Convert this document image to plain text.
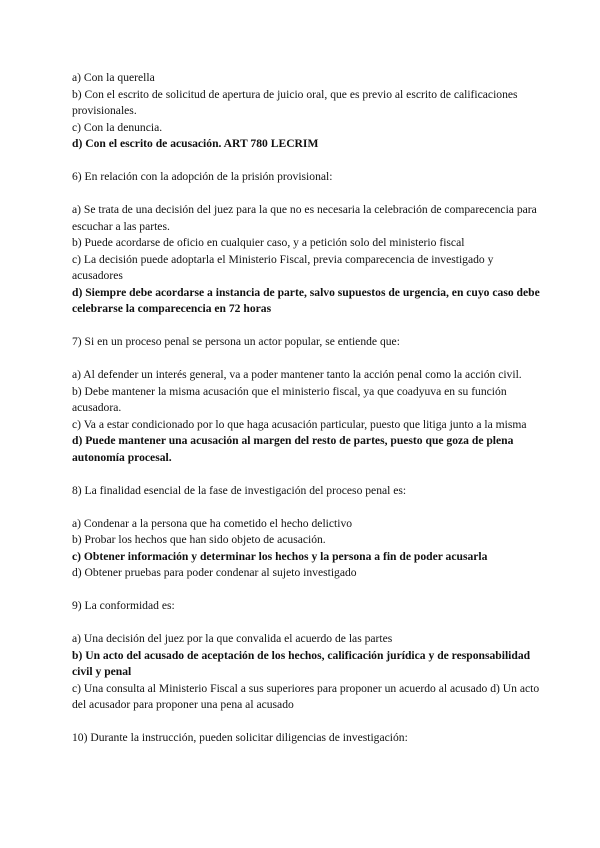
a) Con la querella
b) Con el escrito de solicitud de apertura de juicio oral, que es previo al escrito de calificaciones provisionales.
c) Con la denuncia.
d) Con el escrito de acusación. ART 780 LECRIM
6) En relación con la adopción de la prisión provisional:
a) Se trata de una decisión del juez para la que no es necesaria la celebración de comparecencia para escuchar a las partes.
b) Puede acordarse de oficio en cualquier caso, y a petición solo del ministerio fiscal
c) La decisión puede adoptarla el Ministerio Fiscal, previa comparecencia de investigado y acusadores
d) Siempre debe acordarse a instancia de parte, salvo supuestos de urgencia, en cuyo caso debe celebrarse la comparecencia en 72 horas
7) Si en un proceso penal se persona un actor popular, se entiende que:
a) Al defender un interés general, va a poder mantener tanto la acción penal como la acción civil.
b) Debe mantener la misma acusación que el ministerio fiscal, ya que coadyuva en su función acusadora.
c) Va a estar condicionado por lo que haga acusación particular, puesto que litiga junto a la misma
d) Puede mantener una acusación al margen del resto de partes, puesto que goza de plena autonomía procesal.
8) La finalidad esencial de la fase de investigación del proceso penal es:
a) Condenar a la persona que ha cometido el hecho delictivo
b) Probar los hechos que han sido objeto de acusación.
c) Obtener información y determinar los hechos y la persona a fin de poder acusarla
d) Obtener pruebas para poder condenar al sujeto investigado
9) La conformidad es:
a) Una decisión del juez por la que convalida el acuerdo de las partes
b) Un acto del acusado de aceptación de los hechos, calificación jurídica y de responsabilidad civil y penal
c) Una consulta al Ministerio Fiscal a sus superiores para proponer un acuerdo al acusado d) Un acto del acusador para proponer una pena al acusado
10) Durante la instrucción, pueden solicitar diligencias de investigación:
